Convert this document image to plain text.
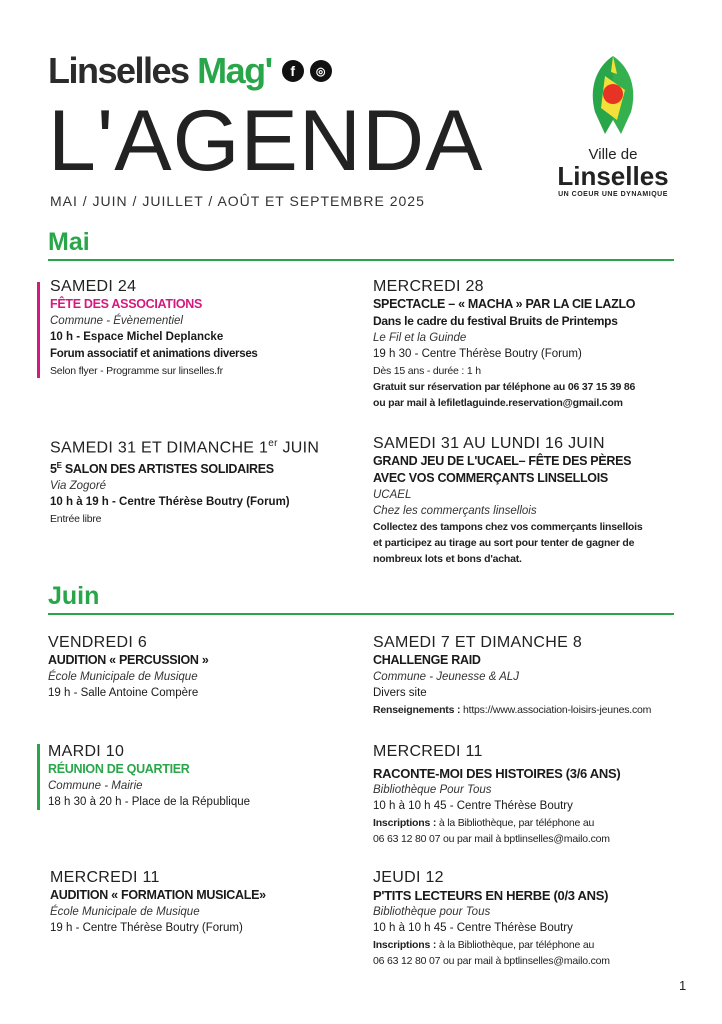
Linselles Mag'	f	◎
L'AGENDA
MAI / JUIN / JUILLET / AOÛT ET SEPTEMBRE 2025
Ville de
Linselles
UN COEUR UNE DYNAMIQUE
Mai
SAMEDI 24
FÊTE DES ASSOCIATIONS
Commune - Évènementiel
10 h - Espace Michel Deplancke
Forum associatif et animations diverses
Selon flyer - Programme sur linselles.fr
MERCREDI 28
SPECTACLE – « MACHA » PAR LA CIE LAZLO
Dans le cadre du festival Bruits de Printemps
Le Fil et la Guinde
19 h 30 - Centre Thérèse Boutry (Forum)
Dès 15 ans - durée : 1 h
Gratuit sur réservation par téléphone au 06 37 15 39 86
ou par mail à lefiletlaguinde.reservation@gmail.com
SAMEDI 31 ET DIMANCHE 1er JUIN
$5^E$ SALON DES ARTISTES SOLIDAIRES
Via Zogoré
10 h à 19 h - Centre Thérèse Boutry (Forum)
Entrée libre
SAMEDI 31 AU LUNDI 16 JUIN
GRAND JEU DE L'UCAEL– FÊTE DES PÈRES
AVEC VOS COMMERÇANTS LINSELLOIS
UCAEL
Chez les commerçants linsellois
Collectez des tampons chez vos commerçants linsellois
et participez au tirage au sort pour tenter de gagner de
nombreux lots et bons d'achat.
Juin
VENDREDI 6
AUDITION « PERCUSSION »
École Municipale de Musique
19 h - Salle Antoine Compère
SAMEDI 7 ET DIMANCHE 8
CHALLENGE RAID
Commune - Jeunesse & ALJ
Divers site
Renseignements : https://www.association-loisirs-jeunes.com
MARDI 10
RÉUNION DE QUARTIER
Commune - Mairie
18 h 30 à 20 h - Place de la République
MERCREDI 11
RACONTE-MOI DES HISTOIRES (3/6 ANS)
Bibliothèque Pour Tous
10 h à 10 h 45 - Centre Thérèse Boutry
Inscriptions : à la Bibliothèque, par téléphone au
06 63 12 80 07 ou par mail à bptlinselles@mailo.com
MERCREDI 11
AUDITION « FORMATION MUSICALE»
École Municipale de Musique
19 h - Centre Thérèse Boutry (Forum)
JEUDI 12
P'TITS LECTEURS EN HERBE (0/3 ANS)
Bibliothèque pour Tous
10 h à 10 h 45 - Centre Thérèse Boutry
Inscriptions : à la Bibliothèque, par téléphone au
06 63 12 80 07 ou par mail à bptlinselles@mailo.com
1
